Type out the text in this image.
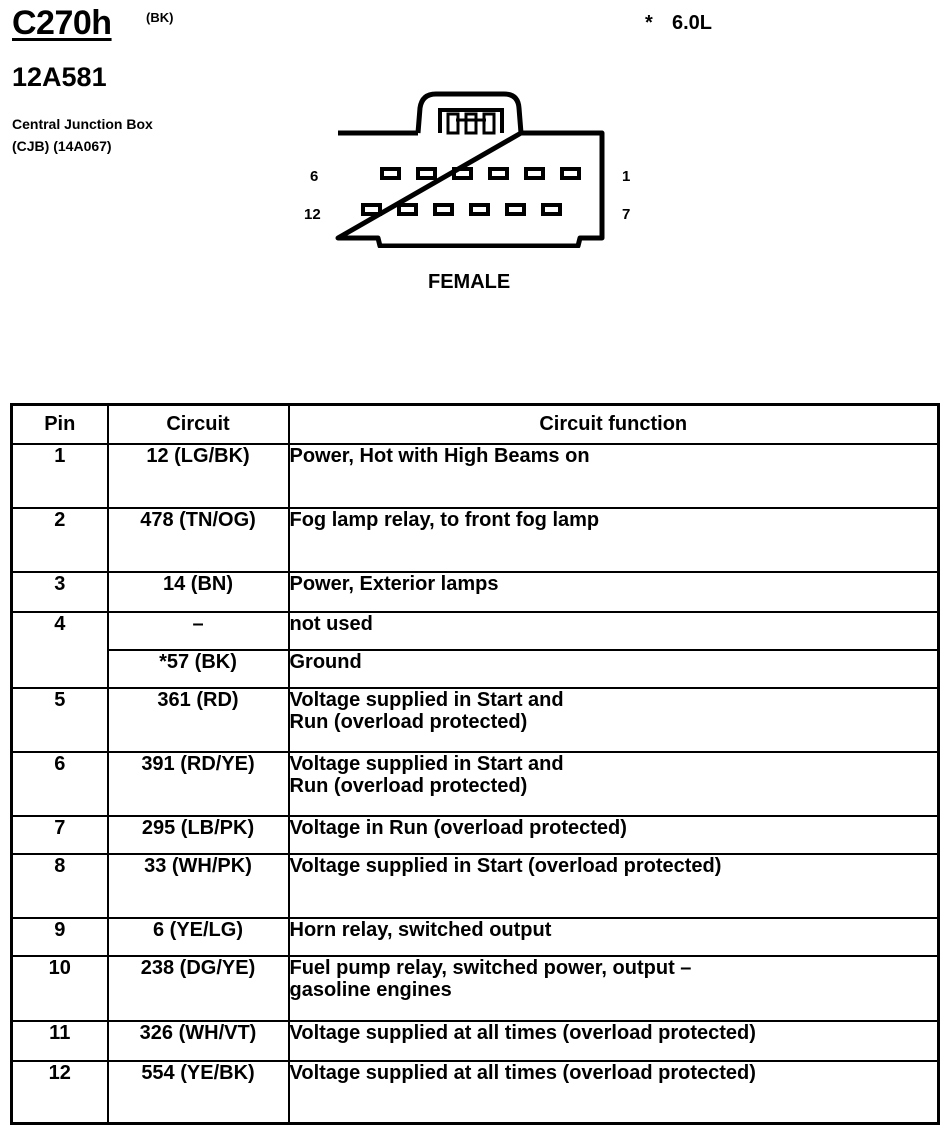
C270h	(BK)	* 6.0L
12A581
Central Junction Box
(CJB) (14A067)
6	1
12	7
FEMALE
Pin	Circuit	Circuit function
1	12 (LG/BK)	Power, Hot with High Beams on
2	478 (TN/OG)	Fog lamp relay, to front fog lamp
3	14 (BN)	Power, Exterior lamps
4	–	not used
	*57 (BK)	Ground
5	361 (RD)	Voltage supplied in Start and
Run (overload protected)
6	391 (RD/YE)	Voltage supplied in Start and
Run (overload protected)
7	295 (LB/PK)	Voltage in Run (overload protected)
8	33 (WH/PK)	Voltage supplied in Start (overload protected)
9	6 (YE/LG)	Horn relay, switched output
10	238 (DG/YE)	Fuel pump relay, switched power, output –
gasoline engines
11	326 (WH/VT)	Voltage supplied at all times (overload protected)
12	554 (YE/BK)	Voltage supplied at all times (overload protected)
